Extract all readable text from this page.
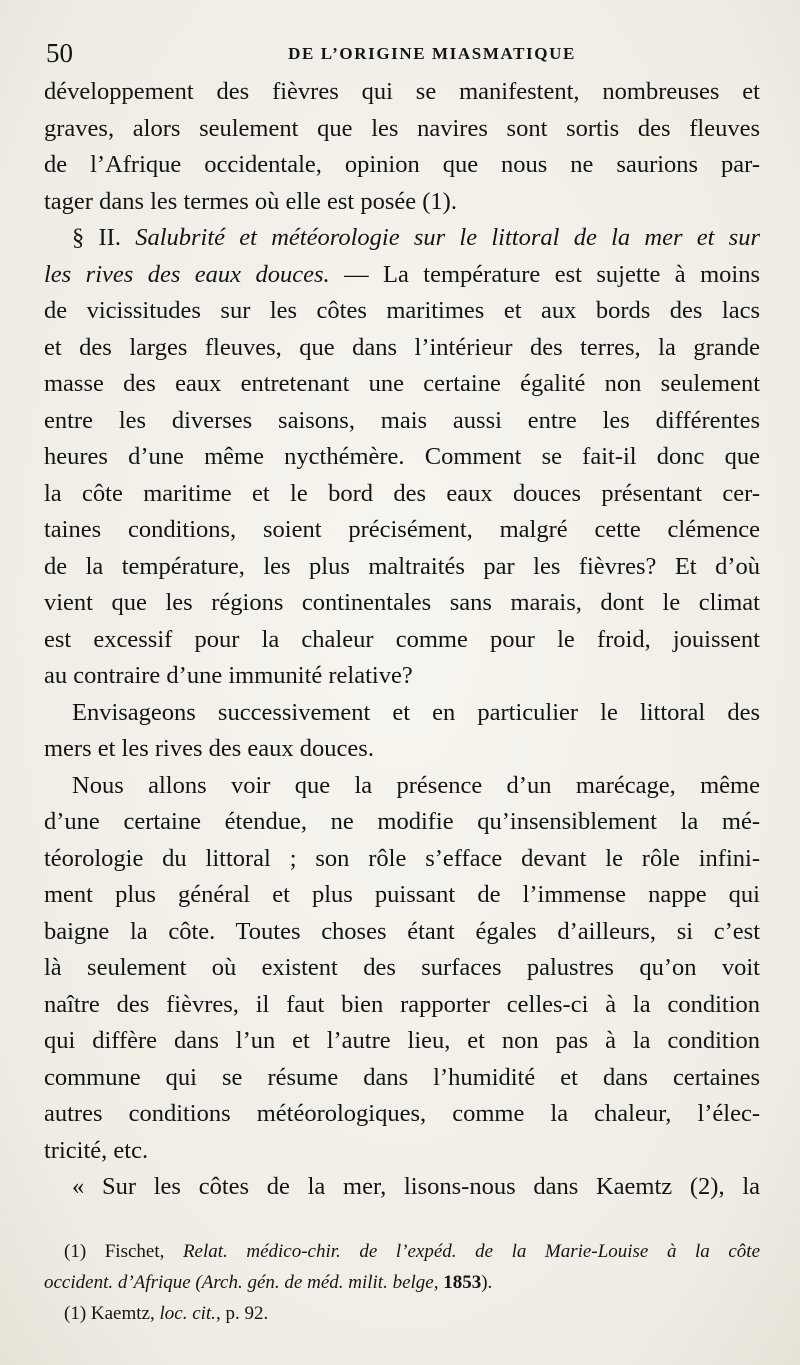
50	DE L’ORIGINE MIASMATIQUE
développement des fièvres qui se manifestent, nombreuses et
graves, alors seulement que les navires sont sortis des fleuves
de l’Afrique occidentale, opinion que nous ne saurions par-
tager dans les termes où elle est posée (1).
§ II. Salubrité et météorologie sur le littoral de la mer et sur
les rives des eaux douces. — La température est sujette à moins
de vicissitudes sur les côtes maritimes et aux bords des lacs
et des larges fleuves, que dans l’intérieur des terres, la grande
masse des eaux entretenant une certaine égalité non seulement
entre les diverses saisons, mais aussi entre les différentes
heures d’une même nycthémère. Comment se fait-il donc que
la côte maritime et le bord des eaux douces présentant cer-
taines conditions, soient précisément, malgré cette clémence
de la température, les plus maltraités par les fièvres? Et d’où
vient que les régions continentales sans marais, dont le climat
est excessif pour la chaleur comme pour le froid, jouissent
au contraire d’une immunité relative?
Envisageons successivement et en particulier le littoral des
mers et les rives des eaux douces.
Nous allons voir que la présence d’un marécage, même
d’une certaine étendue, ne modifie qu’insensiblement la mé-
téorologie du littoral ; son rôle s’efface devant le rôle infini-
ment plus général et plus puissant de l’immense nappe qui
baigne la côte. Toutes choses étant égales d’ailleurs, si c’est
là seulement où existent des surfaces palustres qu’on voit
naître des fièvres, il faut bien rapporter celles-ci à la condition
qui diffère dans l’un et l’autre lieu, et non pas à la condition
commune qui se résume dans l’humidité et dans certaines
autres conditions météorologiques, comme la chaleur, l’élec-
tricité, etc.
« Sur les côtes de la mer, lisons-nous dans Kaemtz (2), la
(1) Fischet, Relat. médico-chir. de l’expéd. de la Marie-Louise à la côte
occident. d’Afrique (Arch. gén. de méd. milit. belge, 1853).
(1) Kaemtz, loc. cit., p. 92.
